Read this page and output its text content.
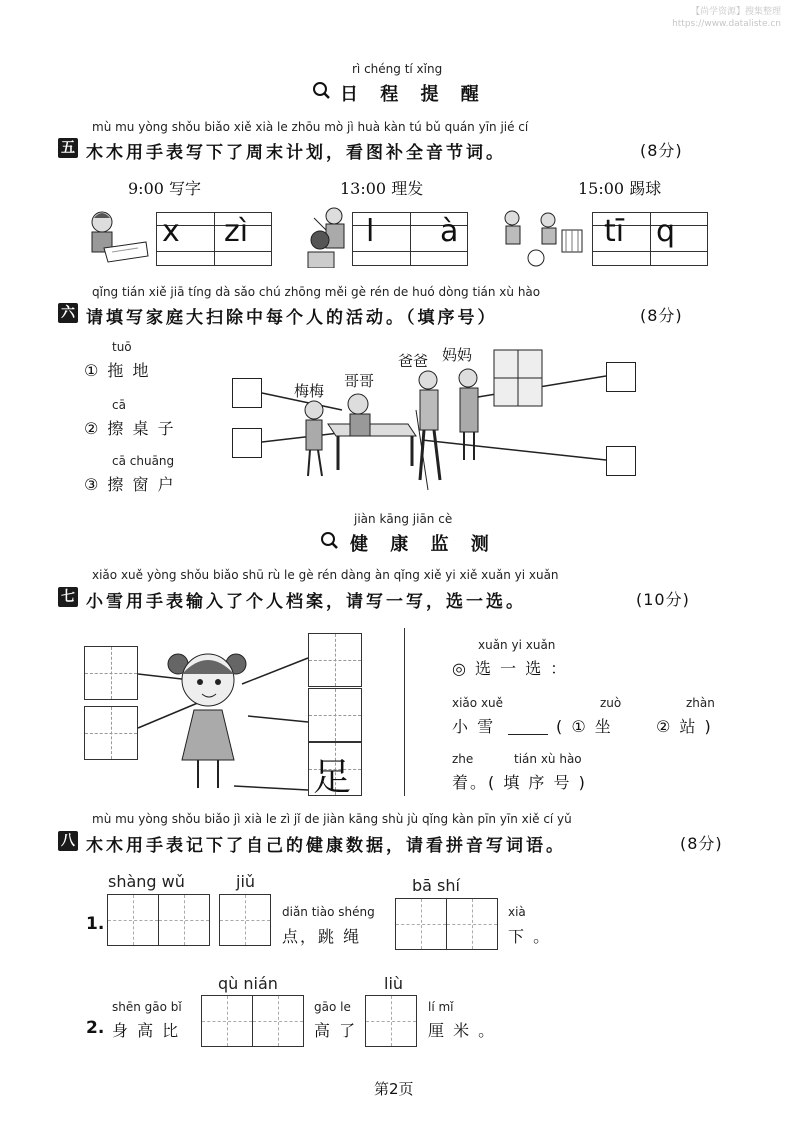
【尚学资源】搜集整理
https://www.dataliste.cn
rì chéng tí xǐng
日 程 提 醒
mù mu yòng shǒu biǎo xiě xià le zhōu mò jì huà kàn tú bǔ quán yīn jié cí
五 木木用手表写下了周末计划，看图补全音节词。	(8分)
9:00 写字	13:00 理发	15:00 踢球
x zì	l à	tī q
qǐng tián xiě jiā tíng dà sǎo chú zhōng měi gè rén de huó dòng tián xù hào
六 请填写家庭大扫除中每个人的活动。（填序号）	(8分)
tuō
① 拖 地
cā
② 擦 桌 子
cā chuāng
③ 擦 窗 户
梅梅
哥哥
爸爸 妈妈
jiàn kāng jiān cè
健 康 监 测
xiǎo xuě yòng shǒu biǎo shū rù le gè rén dàng àn qǐng xiě yi xiě xuǎn yi xuǎn
七 小雪用手表输入了个人档案，请写一写，选一选。	(10分)
足
xuǎn yi xuǎn
◎ 选 一 选 ：
xiǎo xuě
小 雪
zuò
( ① 坐
zhàn
② 站 )
zhe	tián xù hào
着。( 填 序 号 )
mù mu yòng shǒu biǎo jì xià le zì jǐ de jiàn kāng shù jù qǐng kàn pīn yīn xiě cí yǔ
八 木木用手表记下了自己的健康数据，请看拼音写词语。	(8分)
1.
shàng wǔ	jiǔ
diǎn tiào shéng
点，跳 绳
bā shí
xià
下 。
2.
shēn gāo bǐ
身 高 比
qù nián
gāo le
高 了
liù
lí mǐ
厘 米 。
第2页
